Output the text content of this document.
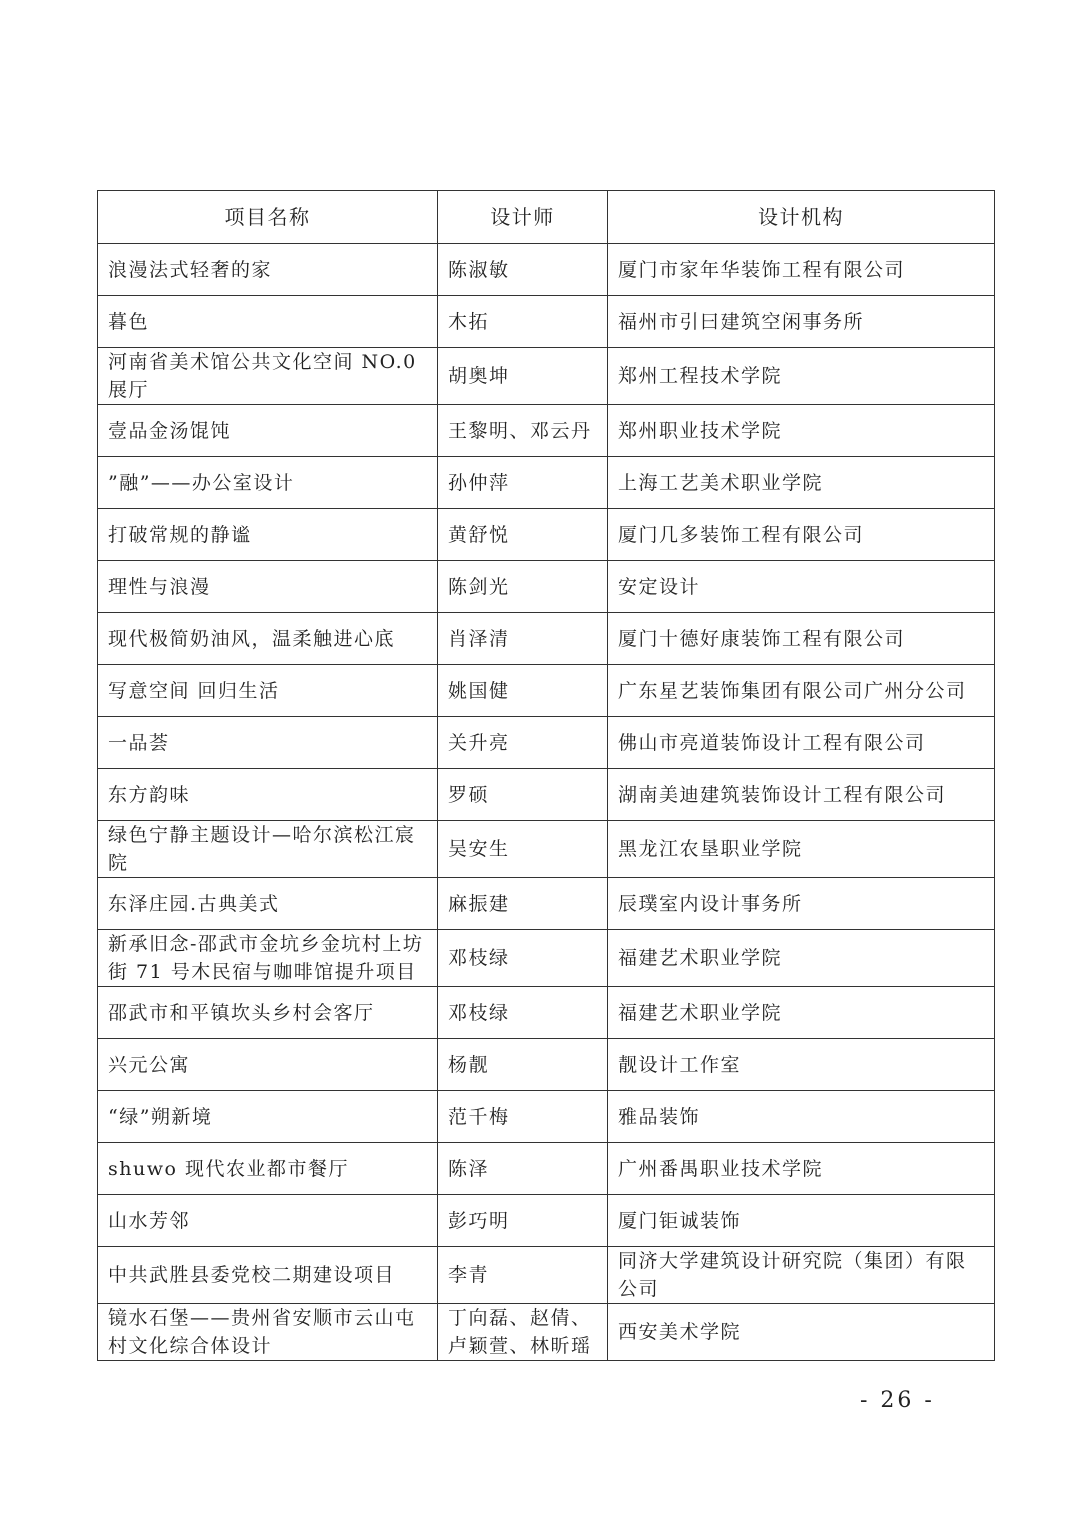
项目名称	设计师	设计机构
浪漫法式轻奢的家	陈淑敏	厦门市家年华装饰工程有限公司
暮色	木拓	福州市引曰建筑空闲事务所
河南省美术馆公共文化空间 NO.0 展厅	胡奥坤	郑州工程技术学院
壹品金汤馄饨	王黎明、邓云丹	郑州职业技术学院
”融”——办公室设计	孙仲萍	上海工艺美术职业学院
打破常规的静谧	黄舒悦	厦门几多装饰工程有限公司
理性与浪漫	陈剑光	安定设计
现代极简奶油风，温柔触进心底	肖泽清	厦门十德好康装饰工程有限公司
写意空间 回归生活	姚国健	广东星艺装饰集团有限公司广州分公司
一品荟	关升亮	佛山市亮道装饰设计工程有限公司
东方韵味	罗硕	湖南美迪建筑装饰设计工程有限公司
绿色宁静主题设计—哈尔滨松江宸院	吴安生	黑龙江农垦职业学院
东泽庄园.古典美式	麻振建	辰璞室内设计事务所
新承旧念-邵武市金坑乡金坑村上坊街 71 号木民宿与咖啡馆提升项目	邓枝绿	福建艺术职业学院
邵武市和平镇坎头乡村会客厅	邓枝绿	福建艺术职业学院
兴元公寓	杨靓	靓设计工作室
“绿”朔新境	范千梅	雅品装饰
shuwo 现代农业都市餐厅	陈泽	广州番禺职业技术学院
山水芳邻	彭巧明	厦门钜诚装饰
中共武胜县委党校二期建设项目	李青	同济大学建筑设计研究院（集团）有限公司
镜水石堡——贵州省安顺市云山屯村文化综合体设计	丁向磊、赵倩、卢颖萱、林昕瑶	西安美术学院
- 26 -
